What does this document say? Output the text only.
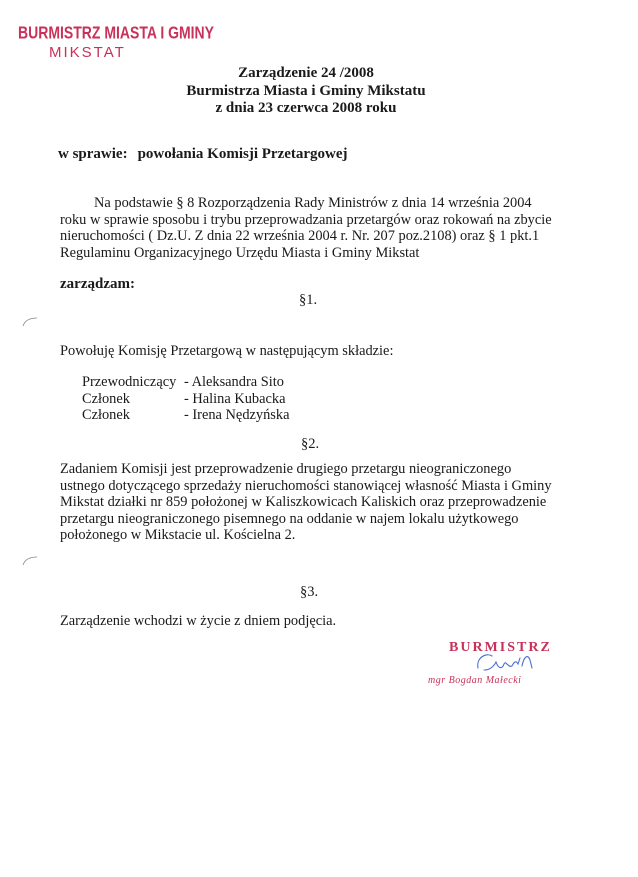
BURMISTRZ MIASTA I GMINY
MIKSTAT
Zarządzenie 24 /2008
Burmistrza Miasta i Gminy Mikstatu
z dnia 23 czerwca 2008 roku
w sprawie: powołania Komisji Przetargowej
Na podstawie § 8 Rozporządzenia Rady Ministrów z dnia 14 września 2004
roku w sprawie sposobu i trybu przeprowadzania przetargów oraz rokowań na zbycie
nieruchomości ( Dz.U. Z dnia 22 września 2004 r. Nr. 207 poz.2108) oraz § 1 pkt.1
Regulaminu Organizacyjnego Urzędu Miasta i Gminy Mikstat
zarządzam:
§1.
Powołuję Komisję Przetargową w następującym składzie:
Przewodniczący - Aleksandra Sito
Członek	- Halina Kubacka
Członek	- Irena Nędzyńska
§2.
Zadaniem Komisji jest przeprowadzenie drugiego przetargu nieograniczonego
ustnego dotyczącego sprzedaży nieruchomości stanowiącej własność Miasta i Gminy
Mikstat działki nr 859 położonej w Kaliszkowicach Kaliskich oraz przeprowadzenie
przetargu nieograniczonego pisemnego na oddanie w najem lokalu użytkowego
położonego w Mikstacie ul. Kościelna 2.
§3.
Zarządzenie wchodzi w życie z dniem podjęcia.
BURMISTRZ
mgr Bogdan Małecki
